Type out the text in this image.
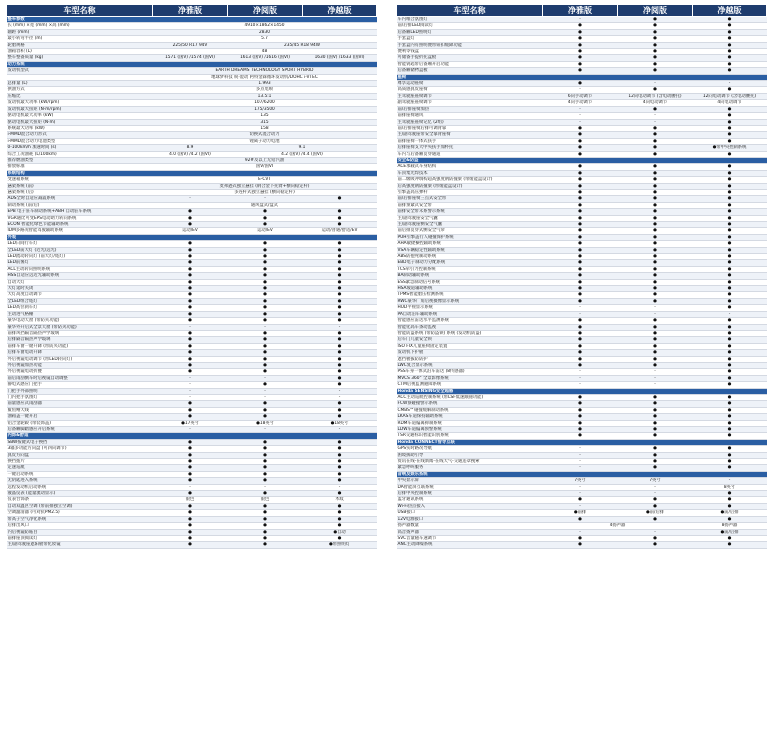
车型名称	净雅版	净阅版	净越版
整车参数			
长 (mm) ×宽 (mm) ×高 (mm)	4910×1862×1450		
轴距 (mm)	2830		
最小转弯半径 (m)	5.7		
轮胎规格	225/50 R17 94V	235/45 R18 94W	
油箱容积 (L)	48		
整车整备质量 (kg)	1571 (国V) /1574 (国VI)	1613 (国V) /1616 (国VI)	1630 (国V) /1633 (国VI)
动力系统			
发动机型式	EARTH DREAMS TECHNOLOGY SPORT HYBRID		
	地球梦科技 锐·混动 阿特金森循环发动机/DOHC i-VTEC		
总排量 (L)	1.993		
供油方式	多点电喷		
压缩比	13.5:1		
发动机最大功率 (kW/rpm)	107/6200		
发动机最大扭矩 (N·m/rpm)	175/3500		
驱动电机最大功率 (kW)	135		
驱动电机最大扭矩 (N·m)	315		
系统最大功率 (kW)	158		
i-MMD混合动力形式	切换式混合动力		
i-MMD混合动力电池类型	锂离子动力电池		
0-100km/h 加速时间 (s)	8.9	9.1	
综合工况油耗 (L/100km)	4.0 (国V) /4.2 (国VI)	4.2 (国V) /4.4 (国VI)	
推荐燃油类型	92#及以上无铅汽油		
排放标准	国V/国VI		
系统结构			
变速箱系统	E-CVT		
悬架系统 (前)	麦弗逊式独立悬挂 (钢合金下托臂+横向稳定杆)		
悬架系统 (后)	多连杆式独立悬挂 (横向稳定杆)		
ADS全时自适应减震系统	-	-	●
制动系统 (前/后)	通风盘式/盘式		
EPB 电子驻车制动系统+ABH 自动驻车系统	●	●	●
VGR通比可变EPS电动助力转向系统	●	●	●
ECON 智能化绿色节能辅助系统	●	●	●
IDM多路况智能驾驶辅助系统	运动/EV	运动/EV	运动/普通/舒适/EV
外观			
LED日间行车灯	●	●	●
全LED前大灯 (近光/远光)	●	●	●
LED流动转向灯 (前大灯/尾灯)	●	●	●
LED前雾灯	●	●	●
ACL主动转向照明系统	●	●	●
HSS自适应远近光辅助系统	●	●	●
自动大灯	●	●	●
大灯延时关闭	●	●	●
大灯高度自动调节	●	●	●
全LED组合尾灯	●	●	●
LED高位刹车灯	●	●	●
主动进气格栅	●	●	●
豪华电动天窗 (带防夹功能)	●	●	●
豪华外开启式全景天窗 (带防夹功能)	-	-	-
前排风挡隔音隔热声学玻璃	●	●	●
后排隔音隔热声学玻璃	●	●	●
前排车窗一键升降 (带防夹功能)	●	●	●
后排车窗电动升降	●	●	●
外后视镜电动调节 (带LED转向灯)	●	●	●
外后视镜加热功能	●	●	●
外后视镜电动折叠	●	●	●
前后雨刮倒车时后视镜自动调整	-	-	●
静电式感应门把手	-	●	●
门把手外部照明	-	-	-
门内把手氛围灯	-	-	-
前量感应式雨刮器	●	●	●
鲨鱼鳍天线	●	●	●
油箱盖一键开启	●	●	●
铝合金轮毂 (带装饰盖)	●17英寸	●18英寸	●18英寸
后备厢脚踏感应开启系统	-	-	-
内饰&舒适			
SBW按键式电子换挡	●	●	●
3辐多功能方向盘 (可四向调节)	●	●	●
真皮方向盘	●	●	●
换挡拨片	●	●	●
定速巡航	●	●	●
一键启动系统	●	●	●
无钥匙进入系统	●	●	●
远程发动机启动系统	-	-	-
液晶仪表 (能量流动显示)	●	●	●
仪表台饰条	银色	银色	木纹
自动双温区空调 (带前排独立空调)	●	●	●
空调滤清器 (可对抗PM2.5)	●	●	●
带高子空气净化系统	●	●	●
后排出风口	●	●	●
内后视镜防眩目	●	●	●自动
前排座顶阅读灯	●	●	●
主/副驾驶座遮阳板带化妆镜	●	●	●带照明灯
车型名称	净雅版	净阅版	净越版
车内唯合氛围灯	-	●	●
前/后排LED阅读灯	●	●	●
后备厢LED照明灯	●	●	●
手套盒灯	●	●	●
手套盒内有照明便带钮扣缓降功能	●	●	●
便利零钱盒	●	●	●
可储备手提折托盒板	●	●	●
智能钥匙带后备厢开启功能	●	●	●
后备厢储物盒板	●	●	●
座椅			
尊享运动座椅	●	-	-
高质感真皮座椅	-	●	●
主驾驶座座椅调节	6向手动调节	12向电动调节 (含电动腰托)	12向电动调节 (含电动腰托)
副驾驶座座椅调节	4向手动调节	4向电动调节	4向电动调节
前/后排座椅加热	-	●	●
前排座椅通风	-	-	●
主驾驶座座椅记忆 (2组)	-	-	●
前/后排座椅后排可调背靠	●	●	●
主/副驾驶座带安全靠背座椅	●	●	●
前排座椅一体式扶手	●	●	●
后排座椅支大中央扶手加杯托	●	●	●带中央控制系统
车内与后备厢贯穿通道	●	●	●
安全&防盗			
ACE承载式车身结构	●	●	●
车顶集光焊技术	●	●	●
前二级吸冲填构超高强度钢防撞梁 (带缓能盒设计)	●	●	●
后高强度钢防撞梁 (带缓能盒设计)	●	●	●
引擎盖高压弹杆	●	●	●
前/后排座椅三点式安全带	●	●	●
前排预紧式安全带	●	●	●
前排安全带未系警示系统	●	●	●
主/副驾驶座安全气囊	●	●	●
主/副驾驶座侧安全气囊	●	●	●
前后排贯穿式侧安全气帘	●	●	●
PUH引擎盖行人碰撞保护系统	●	●	●
AHA敏捷操控辅助系统	●	●	●
VSA车辆稳定性辅助系统	●	●	●
ABS防抱死制动系统	●	●	●
EBD电子制动力分配系统	●	●	●
TCS牵引力控制系统	●	●	●
BA制动辅助系统	●	●	●
ESS紧急制动信号系统	●	●	●
HSA坡道辅助系统	●	●	●
TPMS智能胎压检测系统	●	●	●
RWC豪华广角后视摄像显示系统	●	●	●
HUD平视显示系统	-	-	●
PA自动泊车辅助系统	-	-	-
智能感应雷达水平监测系统	●	●	●
智能化高车条动监视	●	●	●
智能防盗系统 (带防盗锁) 系统 (发动机防盗)	●	●	●
后车门儿童安全锁	●	●	●
ISO FIX儿童座椅固定装置	●	●	●
发动机下护板	●	●	●
遮挡板拔防防护	●	●	●
LWC复合显示系统	●	●	●
PSS车身一体式泊车雷达 (8传感器)	-	-	●
MVCS 360° 全景影像系统	-	-	●
CTM后视监测避障系统	-	-	●
Honda SENSING安全超感			
ACC主动巡航控制系统 (带LSF低速跟随功能)	●	●	●
FCW预碰撞警示系统	●	●	●
CMBS™碰撞缓解制动系统	●	●	●
LKAS车道保持辅助系统	●	●	●
RDM车道偏离抑制系统	●	●	●
LDW车道偏离预警系统	●	●	●
TSR交通标识智能识别系统	●	●	●
Honda CONNECT智导互联			
GPS实时路况导航	-	●	●
困境援助引导	-	●	●
资讯在线-在线新闻-在线天气-交通违章搜索	-	●	●
紧急呼叫服务	-	●	●
音响及娱乐系统			
中央显示屏	7英寸	7英寸	-
DA智能屏互联系统	-	-	8英寸
后排中央控制系统	-	-	●
蓝牙通讯系统	●	●	●
Wi-Fi热点接入	-	●	●
USB接口	●前排	●前/后排	●前/后排
12V电源接口	●	●	●
扬声器数量	4扬声器		8扬声器
高音扬声器	-	-	●前/后排
SVC音量随车速调节	●	●	●
ANC主动降噪系统	●	●	●
